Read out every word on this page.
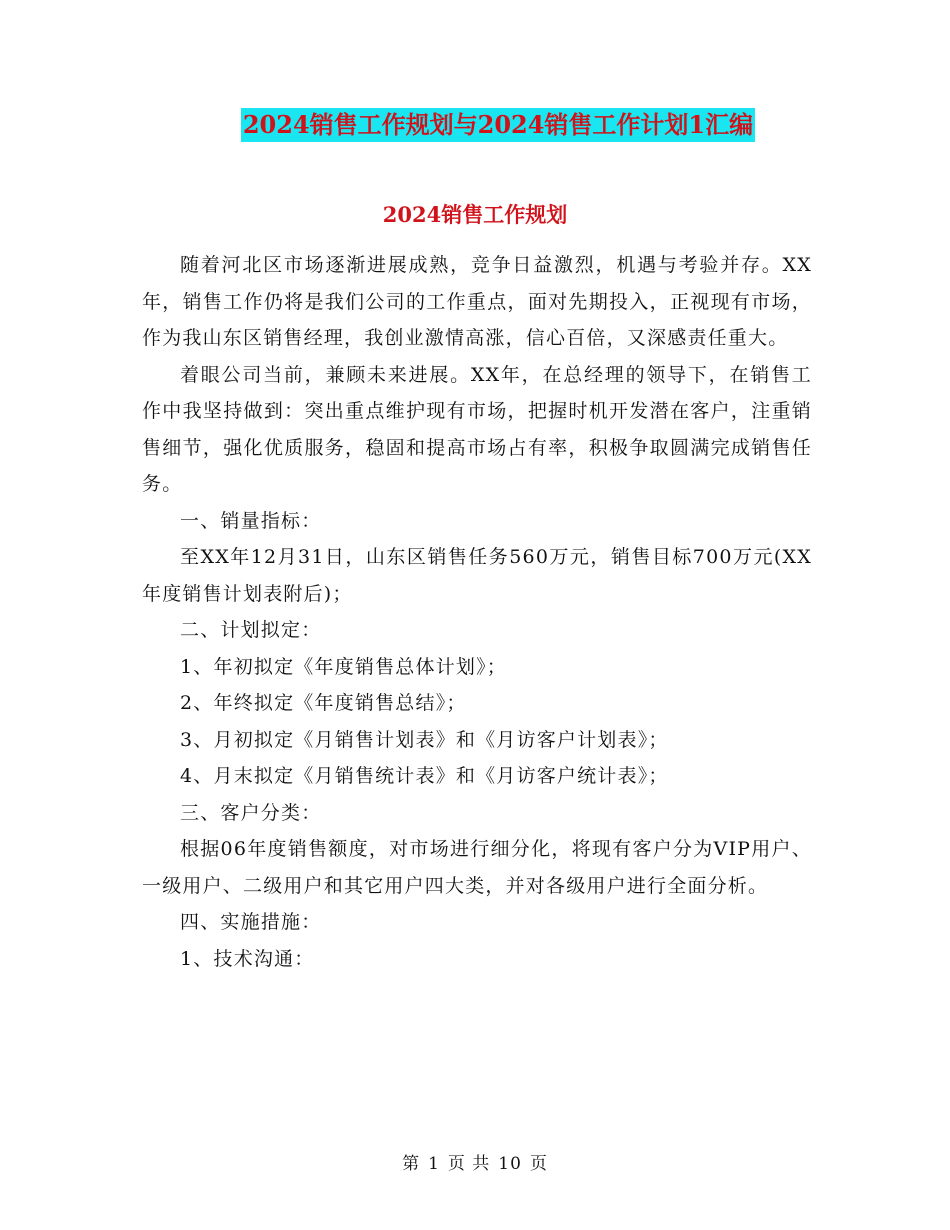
2024销售工作规划与2024销售工作计划1汇编
2024销售工作规划

随着河北区市场逐渐进展成熟，竞争日益激烈，机遇与考验并存。XX年，销售工作仍将是我们公司的工作重点，面对先期投入，正视现有市场，作为我山东区销售经理，我创业激情高涨，信心百倍，又深感责任重大。

着眼公司当前，兼顾未来进展。XX年，在总经理的领导下，在销售工作中我坚持做到：突出重点维护现有市场，把握时机开发潜在客户，注重销售细节，强化优质服务，稳固和提高市场占有率，积极争取圆满完成销售任务。

一、销量指标：

至XX年12月31日，山东区销售任务560万元，销售目标700万元(XX年度销售计划表附后)；

二、计划拟定：

1、年初拟定《年度销售总体计划》；

2、年终拟定《年度销售总结》；

3、月初拟定《月销售计划表》和《月访客户计划表》；

4、月末拟定《月销售统计表》和《月访客户统计表》；

三、客户分类：

根据06年度销售额度，对市场进行细分化，将现有客户分为VIP用户、一级用户、二级用户和其它用户四大类，并对各级用户进行全面分析。

四、实施措施：

1、技术沟通：

第 1 页 共 10 页
